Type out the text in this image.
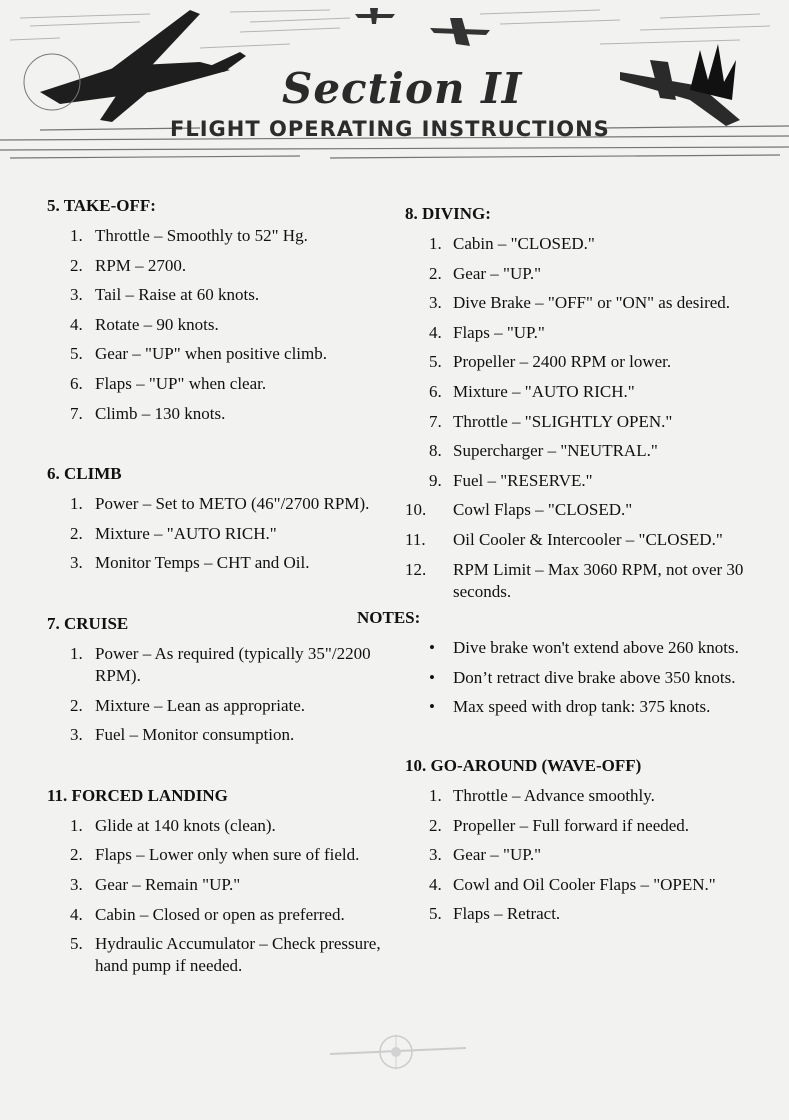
Section II
FLIGHT OPERATING INSTRUCTIONS
5. TAKE-OFF:
1. Throttle – Smoothly to 52" Hg.
2. RPM – 2700.
3. Tail – Raise at 60 knots.
4. Rotate – 90 knots.
5. Gear – "UP" when positive climb.
6. Flaps – "UP" when clear.
7. Climb – 130 knots.
6. CLIMB
1. Power – Set to METO (46"/2700 RPM).
2. Mixture – "AUTO RICH."
3. Monitor Temps – CHT and Oil.
7. CRUISE
1. Power – As required (typically 35"/2200 RPM).
2. Mixture – Lean as appropriate.
3. Fuel – Monitor consumption.
11. FORCED LANDING
1. Glide at 140 knots (clean).
2. Flaps – Lower only when sure of field.
3. Gear – Remain "UP."
4. Cabin – Closed or open as preferred.
5. Hydraulic Accumulator – Check pressure, hand pump if needed.
8. DIVING:
1. Cabin – "CLOSED."
2. Gear – "UP."
3. Dive Brake – "OFF" or "ON" as desired.
4. Flaps – "UP."
5. Propeller – 2400 RPM or lower.
6. Mixture – "AUTO RICH."
7. Throttle – "SLIGHTLY OPEN."
8. Supercharger – "NEUTRAL."
9. Fuel – "RESERVE."
10. Cowl Flaps – "CLOSED."
11. Oil Cooler & Intercooler – "CLOSED."
12. RPM Limit – Max 3060 RPM, not over 30 seconds.
NOTES:
• Dive brake won't extend above 260 knots.
• Don’t retract dive brake above 350 knots.
• Max speed with drop tank: 375 knots.
10. GO-AROUND (WAVE-OFF)
1. Throttle – Advance smoothly.
2. Propeller – Full forward if needed.
3. Gear – "UP."
4. Cowl and Oil Cooler Flaps – "OPEN."
5. Flaps – Retract.
